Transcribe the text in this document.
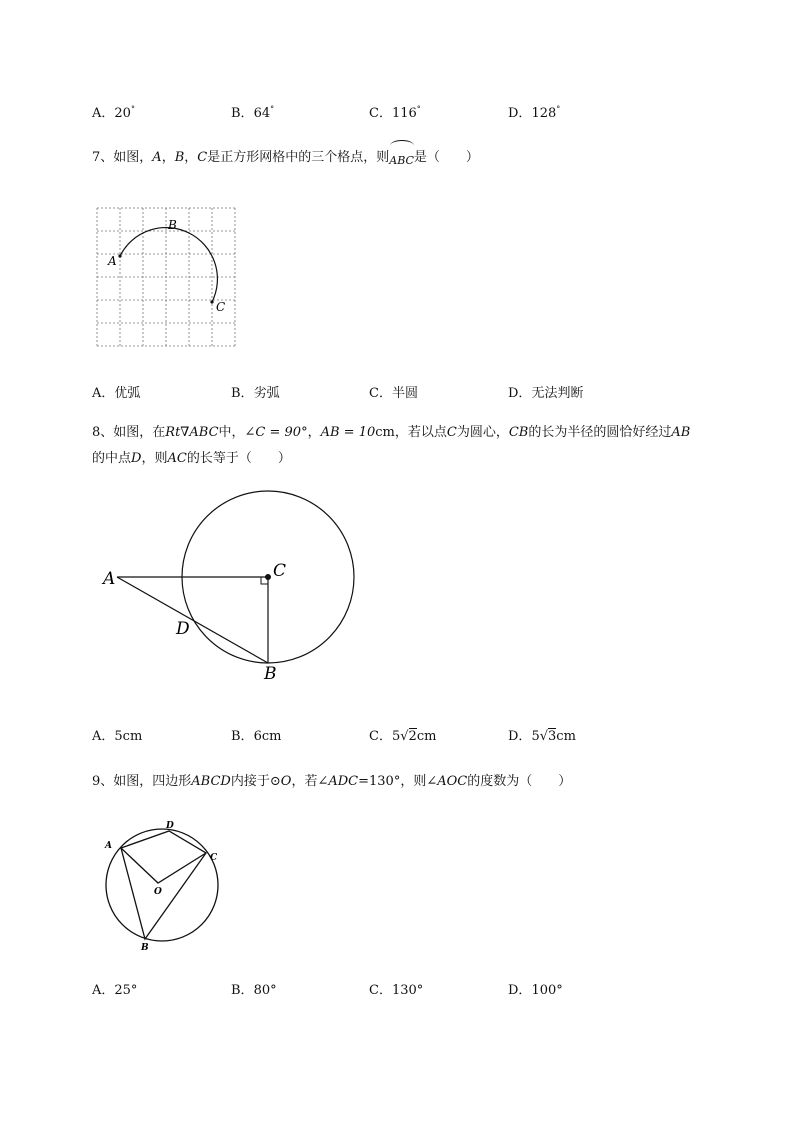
A．20°	B．64°	C．116°	D．128°
7、如图，A，B，C是正方形网格中的三个格点，则
ABC是（　　）
A
B
C
A．优弧	B．劣弧	C．半圆	D．无法判断
8、如图，在Rt∇ABC中，∠C = 90°，AB = 10cm，若以点C为圆心，CB的长为半径的圆恰好经过AB
的中点D，则AC的长等于（　　）
A	C
D
B
A．5cm	B．6cm	C．5√2cm	D．5√3cm
9、如图，四边形ABCD内接于⊙O，若∠ADC=130°，则∠AOC的度数为（　　）
A
D
C
B
O
A．25°	B．80°	C．130°	D．100°
